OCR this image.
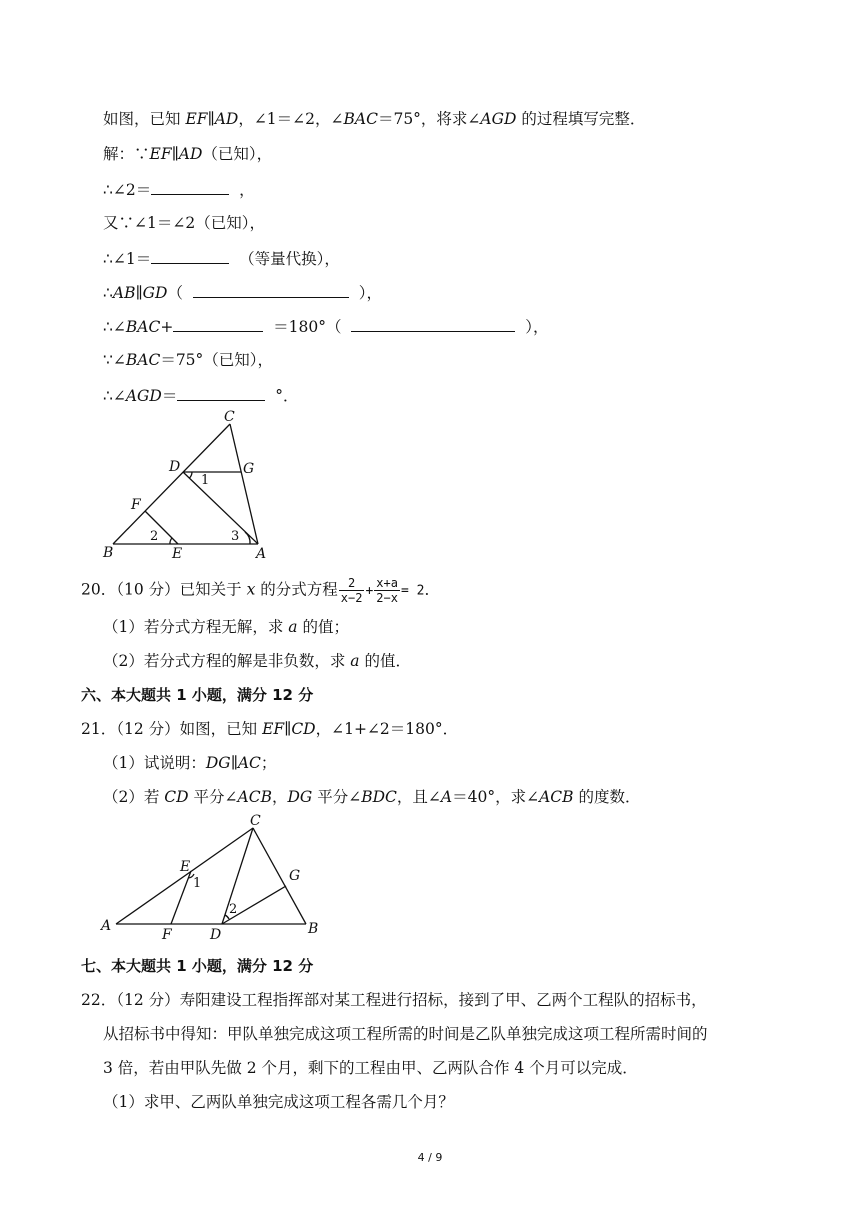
如图，已知 EF∥AD，∠1＝∠2，∠BAC＝75°，将求∠AGD 的过程填写完整．
解：∵EF∥AD（已知），
∴∠2＝	，
又∵∠1＝∠2（已知），
∴∠1＝	（等量代换），
∴AB∥GD（	），
∴∠BAC+	＝180°（	），
∵∠BAC＝75°（已知），
∴∠AGD＝	°．
C
D	G
F
B	E	A
1
2	3
20．（10 分）已知关于 x 的分式方程 $\frac{2}{x-2} + \frac{x+a}{2-x} = 2$．
（1）若分式方程无解，求 a 的值；
（2）若分式方程的解是非负数，求 a 的值．
六、本大题共 1 小题，满分 12 分
21．（12 分）如图，已知 EF∥CD，∠1+∠2＝180°．
（1）试说明：DG∥AC；
（2）若 CD 平分∠ACB，DG 平分∠BDC，且∠A＝40°，求∠ACB 的度数．
C
E
G
1
2
A
F	D	B
七、本大题共 1 小题，满分 12 分
22．（12 分）寿阳建设工程指挥部对某工程进行招标，接到了甲、乙两个工程队的招标书，
从招标书中得知：甲队单独完成这项工程所需的时间是乙队单独完成这项工程所需时间的
3 倍，若由甲队先做 2 个月，剩下的工程由甲、乙两队合作 4 个月可以完成．
（1）求甲、乙两队单独完成这项工程各需几个月？
4 / 9
